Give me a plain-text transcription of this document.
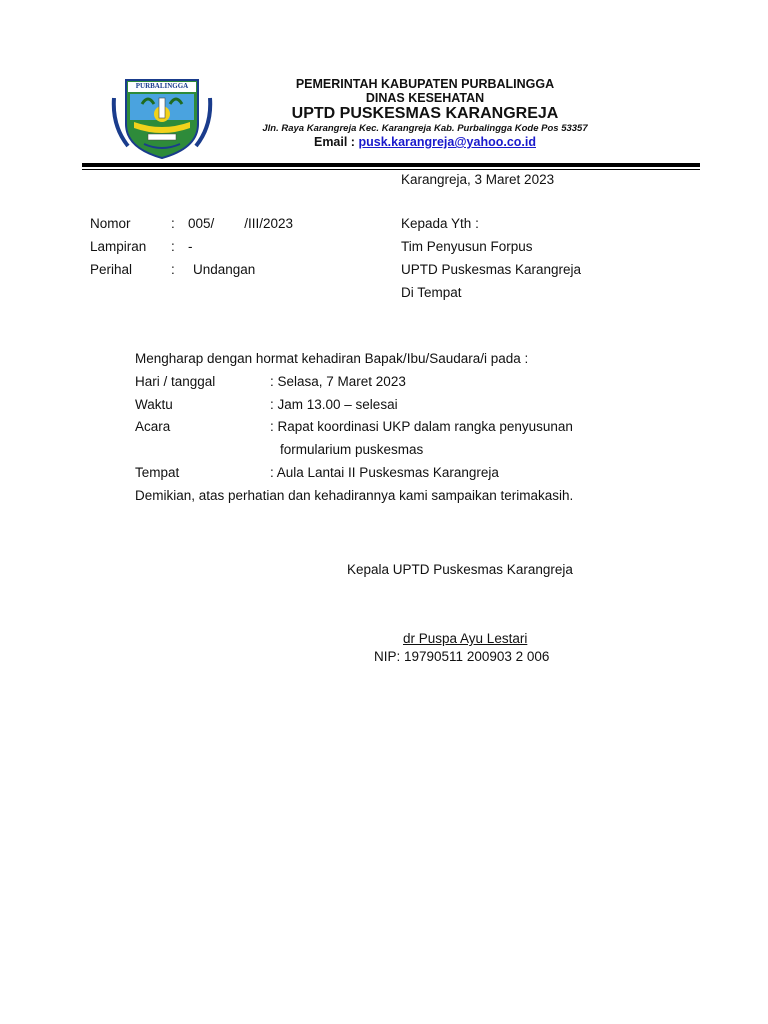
PURBALINGGA	PEMERINTAH KABUPATEN PURBALINGGA
DINAS KESEHATAN
UPTD PUSKESMAS KARANGREJA
Jln. Raya Karangreja Kec. Karangreja Kab. Purbalingga Kode Pos 53357
Email : pusk.karangreja@yahoo.co.id
Karangreja, 3 Maret 2023
Nomor	: 005/        /III/2023
Lampiran : -
Perihal	: Undangan
Kepada Yth :
Tim Penyusun Forpus
UPTD Puskesmas Karangreja
Di Tempat
Mengharap dengan hormat kehadiran Bapak/Ibu/Saudara/i pada :
Hari / tanggal	: Selasa, 7 Maret 2023
Waktu	: Jam 13.00 – selesai
Acara	: Rapat koordinasi UKP dalam rangka penyusunan
formularium puskesmas
Tempat	: Aula Lantai II Puskesmas Karangreja
Demikian, atas perhatian dan kehadirannya kami sampaikan terimakasih.
Kepala UPTD Puskesmas Karangreja
dr Puspa Ayu Lestari
NIP: 19790511 200903 2 006
